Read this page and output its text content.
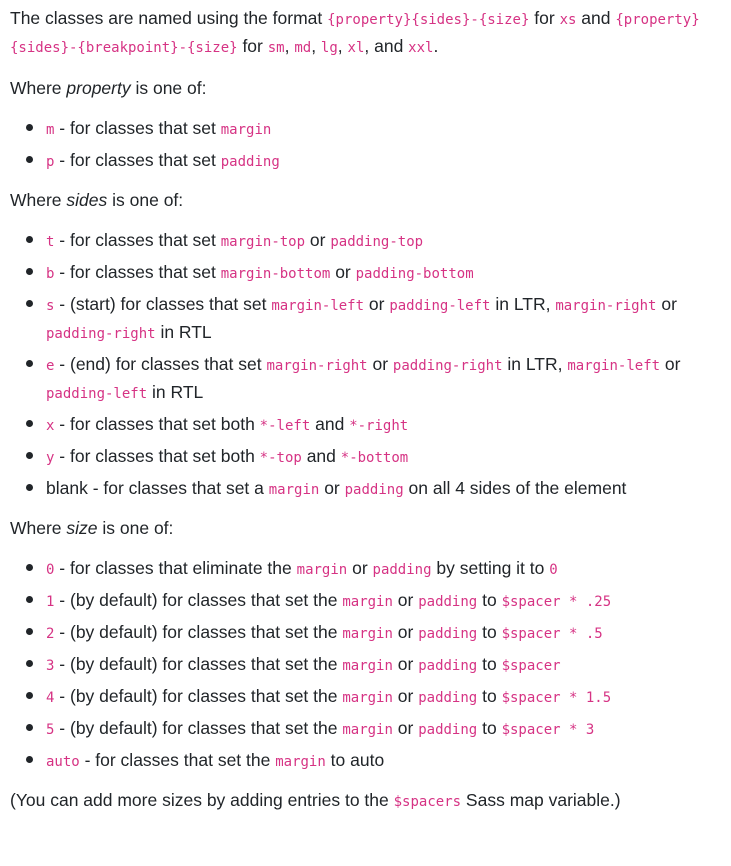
The classes are named using the format {property}{sides}-{size} for xs and {property}{sides}-{breakpoint}-{size} for sm, md, lg, xl, and xxl.

Where property is one of:

m - for classes that set margin
p - for classes that set padding

Where sides is one of:

t - for classes that set margin-top or padding-top
b - for classes that set margin-bottom or padding-bottom
s - (start) for classes that set margin-left or padding-left in LTR, margin-right or padding-right in RTL
e - (end) for classes that set margin-right or padding-right in LTR, margin-left or padding-left in RTL
x - for classes that set both *-left and *-right
y - for classes that set both *-top and *-bottom
blank - for classes that set a margin or padding on all 4 sides of the element

Where size is one of:

0 - for classes that eliminate the margin or padding by setting it to 0
1 - (by default) for classes that set the margin or padding to $spacer * .25
2 - (by default) for classes that set the margin or padding to $spacer * .5
3 - (by default) for classes that set the margin or padding to $spacer
4 - (by default) for classes that set the margin or padding to $spacer * 1.5
5 - (by default) for classes that set the margin or padding to $spacer * 3
auto - for classes that set the margin to auto

(You can add more sizes by adding entries to the $spacers Sass map variable.)
